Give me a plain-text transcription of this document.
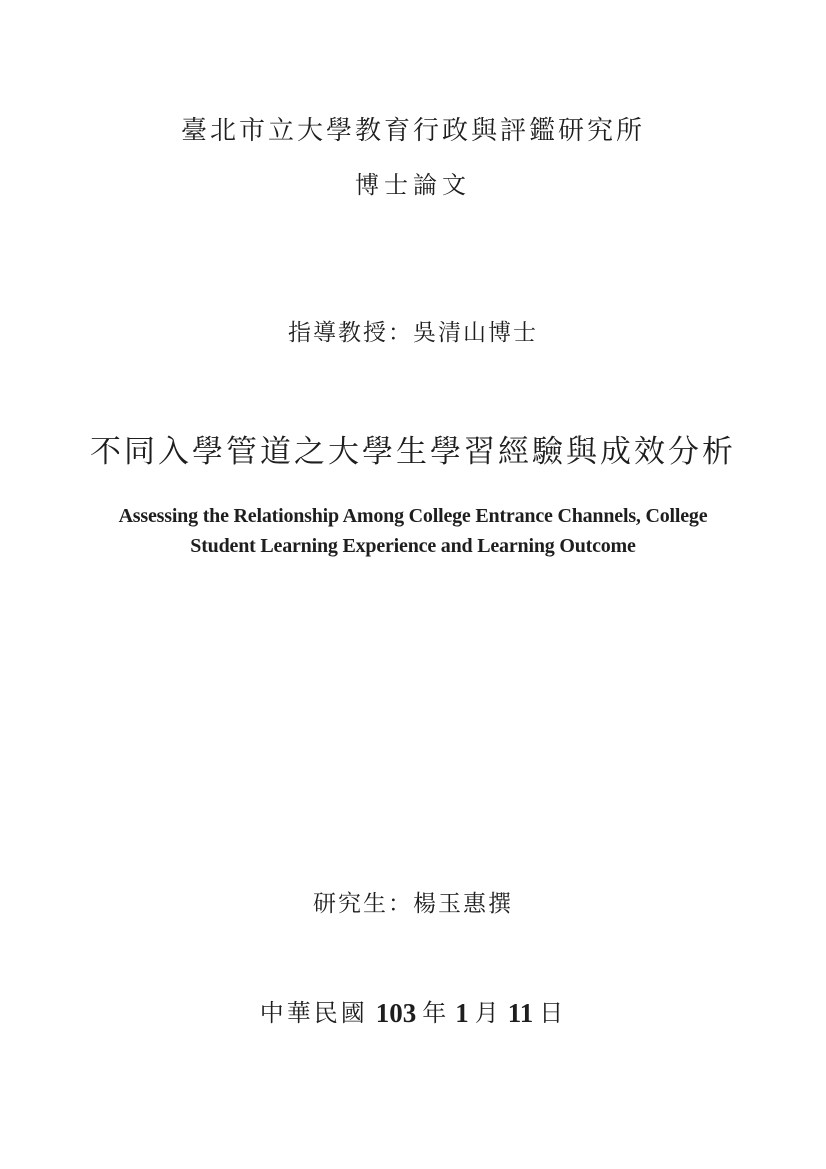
臺北市立大學教育行政與評鑑研究所
博士論文
指導教授：吳清山博士
不同入學管道之大學生學習經驗與成效分析
Assessing the Relationship Among College Entrance Channels, College
Student Learning Experience and Learning Outcome
研究生：楊玉惠撰
中華民國 103 年 1 月 11 日
